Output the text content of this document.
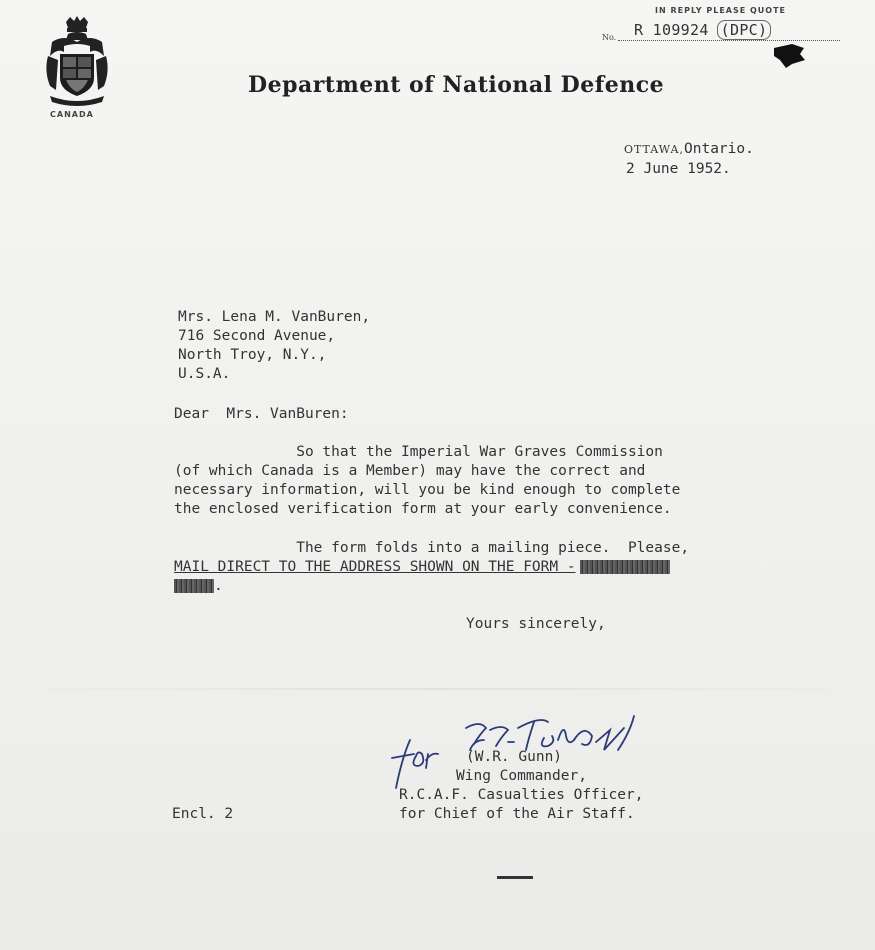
CANADA
Department of National Defence
IN REPLY PLEASE QUOTE
No. R 109924 (DPC)
OTTAWA,Ontario.
2 June 1952.
Mrs. Lena M. VanBuren,
716 Second Avenue,
North Troy, N.Y.,
U.S.A.
Dear  Mrs. VanBuren:
So that the Imperial War Graves Commission
(of which Canada is a Member) may have the correct and
necessary information, will you be kind enough to complete
the enclosed verification form at your early convenience.
The form folds into a mailing piece.  Please,
MAIL DIRECT TO THE ADDRESS SHOWN ON THE FORM -
.
Yours sincerely,
(W.R. Gunn)
Wing Commander,
R.C.A.F. Casualties Officer,
for Chief of the Air Staff.
Encl. 2
